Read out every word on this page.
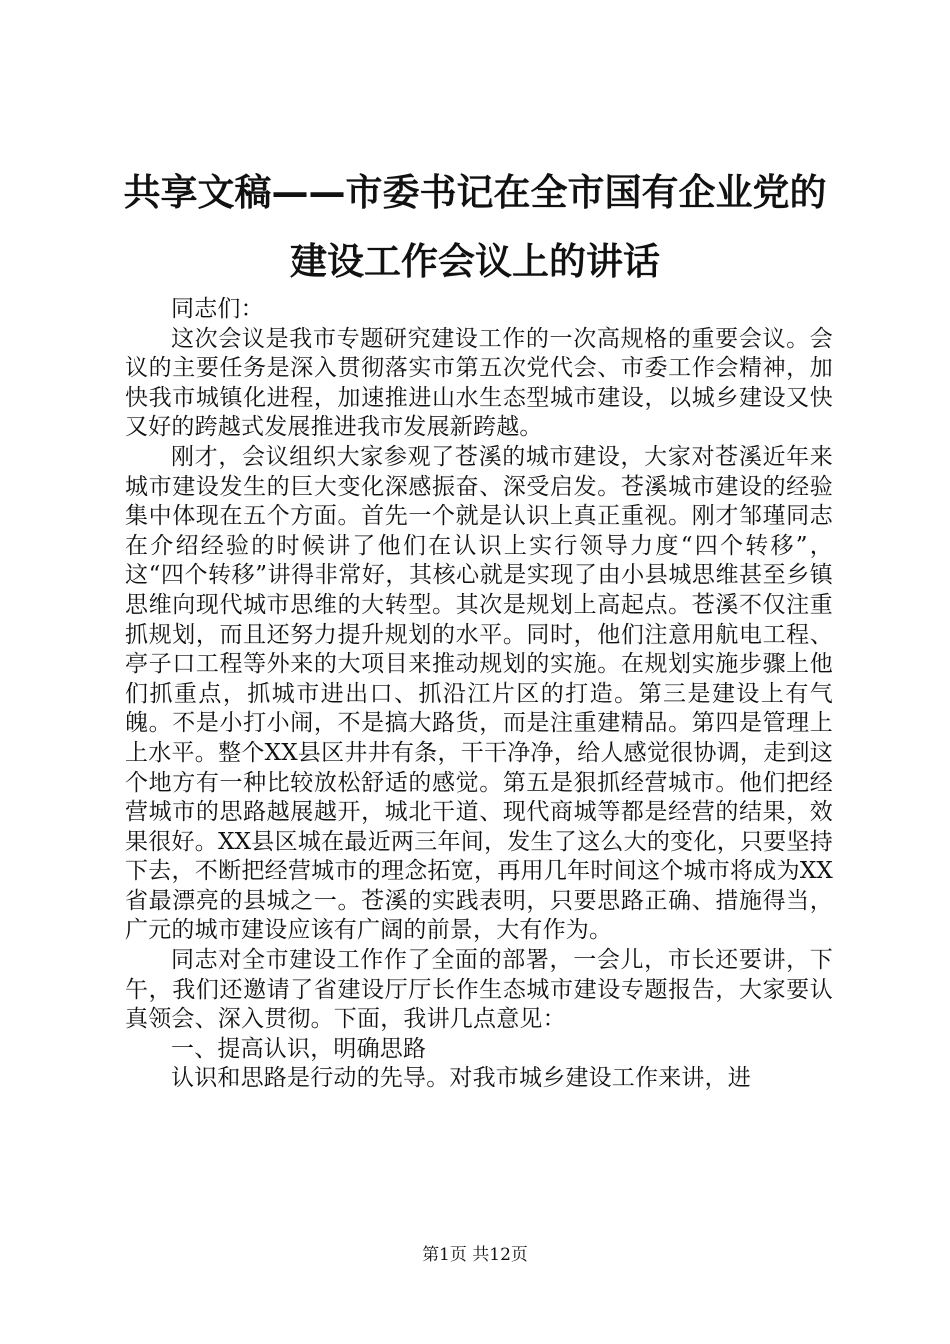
共享文稿——市委书记在全市国有企业党的建设工作会议上的讲话

同志们：

这次会议是我市专题研究建设工作的一次高规格的重要会议。会议的主要任务是深入贯彻落实市第五次党代会、市委工作会精神，加快我市城镇化进程，加速推进山水生态型城市建设，以城乡建设又快又好的跨越式发展推进我市发展新跨越。

刚才，会议组织大家参观了苍溪的城市建设，大家对苍溪近年来城市建设发生的巨大变化深感振奋、深受启发。苍溪城市建设的经验集中体现在五个方面。首先一个就是认识上真正重视。刚才邹瑾同志在介绍经验的时候讲了他们在认识上实行领导力度“四个转移”，这“四个转移”讲得非常好，其核心就是实现了由小县城思维甚至乡镇思维向现代城市思维的大转型。其次是规划上高起点。苍溪不仅注重抓规划，而且还努力提升规划的水平。同时，他们注意用航电工程、亭子口工程等外来的大项目来推动规划的实施。在规划实施步骤上他们抓重点，抓城市进出口、抓沿江片区的打造。第三是建设上有气魄。不是小打小闹，不是搞大路货，而是注重建精品。第四是管理上上水平。整个XX县区井井有条，干干净净，给人感觉很协调，走到这个地方有一种比较放松舒适的感觉。第五是狠抓经营城市。他们把经营城市的思路越展越开，城北干道、现代商城等都是经营的结果，效果很好。XX县区城在最近两三年间，发生了这么大的变化，只要坚持下去，不断把经营城市的理念拓宽，再用几年时间这个城市将成为XX省最漂亮的县城之一。苍溪的实践表明，只要思路正确、措施得当，广元的城市建设应该有广阔的前景，大有作为。

同志对全市建设工作作了全面的部署，一会儿，市长还要讲，下午，我们还邀请了省建设厅厅长作生态城市建设专题报告，大家要认真领会、深入贯彻。下面，我讲几点意见：

一、提高认识，明确思路

认识和思路是行动的先导。对我市城乡建设工作来讲，进

第1页 共12页
